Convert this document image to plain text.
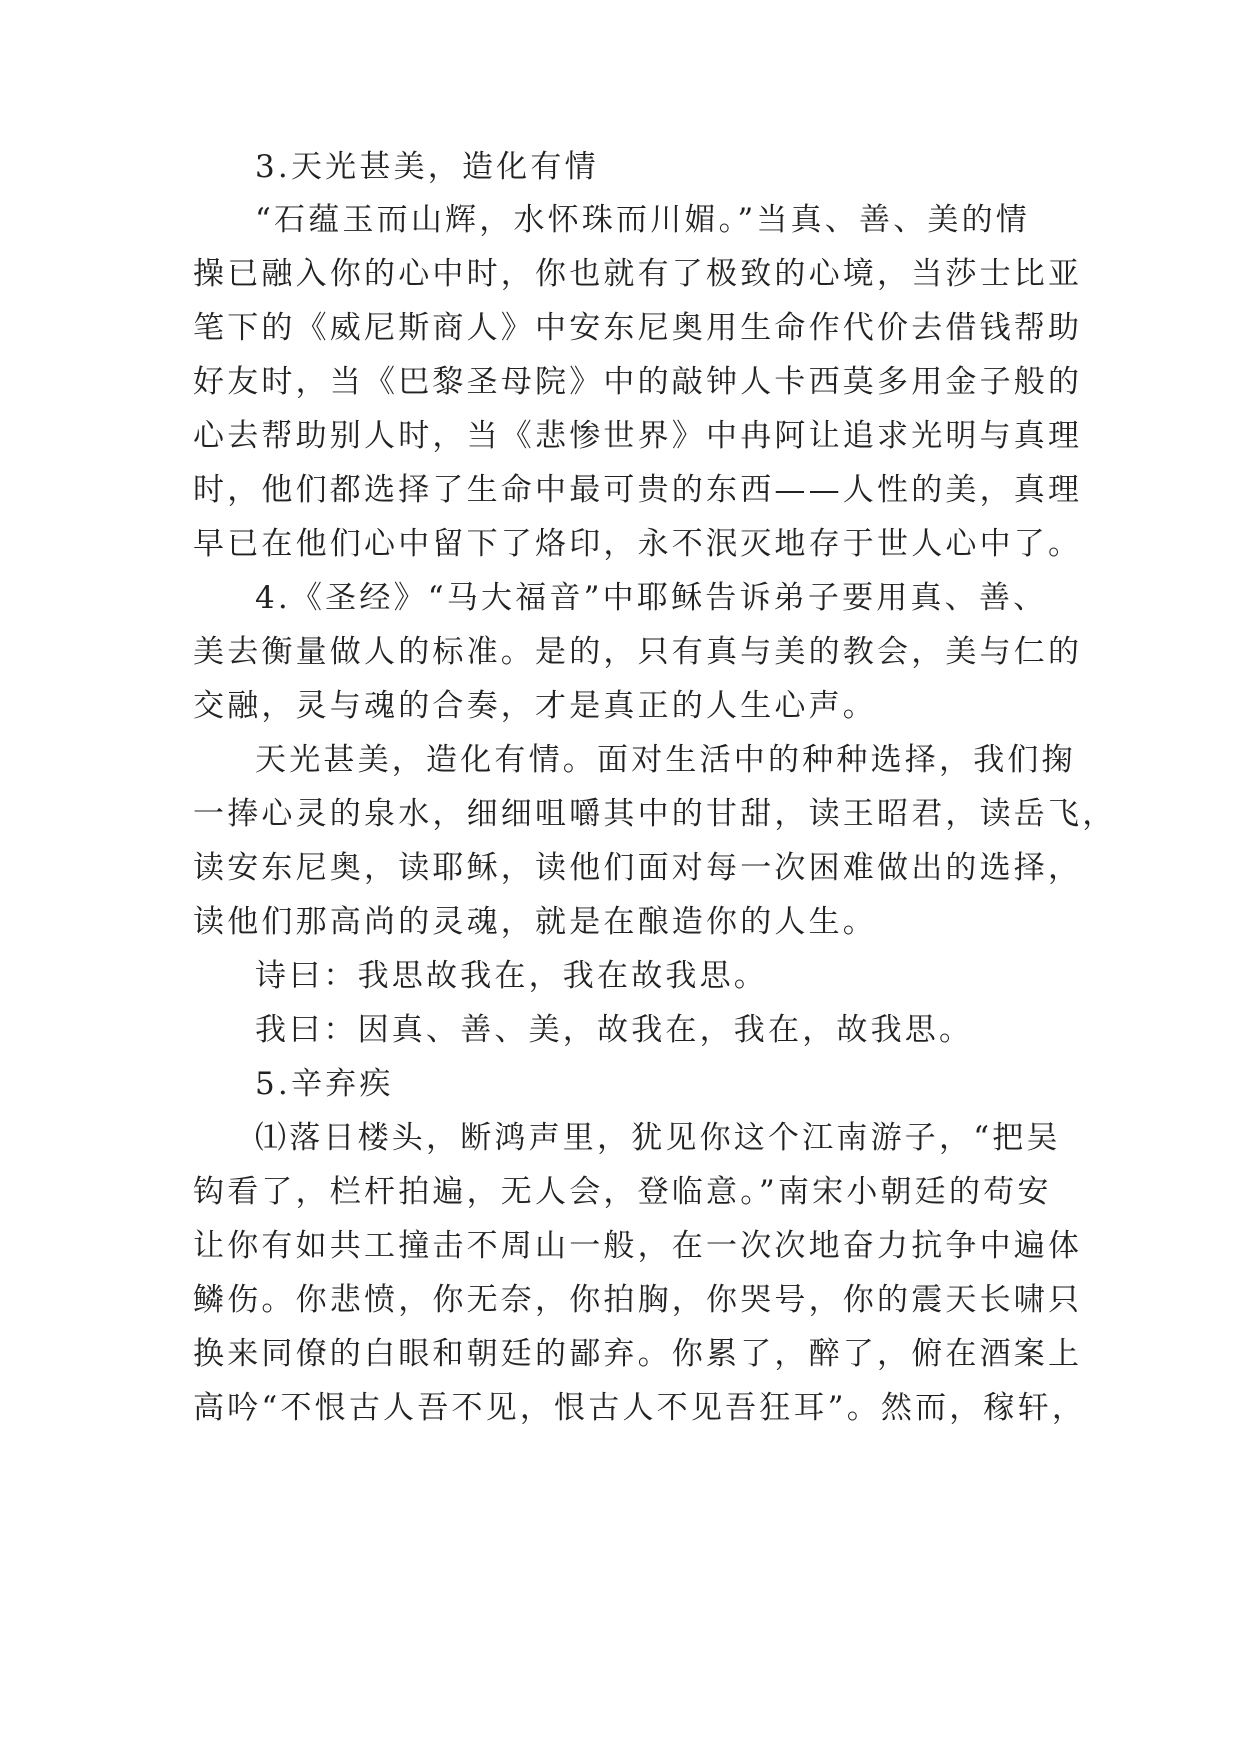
3.天光甚美，造化有情
“石蕴玉而山辉，水怀珠而川媚。”当真、善、美的情
操已融入你的心中时，你也就有了极致的心境，当莎士比亚
笔下的《威尼斯商人》中安东尼奥用生命作代价去借钱帮助
好友时，当《巴黎圣母院》中的敲钟人卡西莫多用金子般的
心去帮助别人时，当《悲惨世界》中冉阿让追求光明与真理
时，他们都选择了生命中最可贵的东西——人性的美，真理
早已在他们心中留下了烙印，永不泯灭地存于世人心中了。
4.《圣经》“马大福音”中耶稣告诉弟子要用真、善、
美去衡量做人的标准。是的，只有真与美的教会，美与仁的
交融，灵与魂的合奏，才是真正的人生心声。
天光甚美，造化有情。面对生活中的种种选择，我们掬
一捧心灵的泉水，细细咀嚼其中的甘甜，读王昭君，读岳飞，
读安东尼奥，读耶稣，读他们面对每一次困难做出的选择，
读他们那高尚的灵魂，就是在酿造你的人生。
诗曰：我思故我在，我在故我思。
我曰：因真、善、美，故我在，我在，故我思。
5.辛弃疾
⑴落日楼头，断鸿声里，犹见你这个江南游子，“把吴
钩看了，栏杆拍遍，无人会，登临意。”南宋小朝廷的苟安
让你有如共工撞击不周山一般，在一次次地奋力抗争中遍体
鳞伤。你悲愤，你无奈，你拍胸，你哭号，你的震天长啸只
换来同僚的白眼和朝廷的鄙弃。你累了，醉了，俯在酒案上
高吟“不恨古人吾不见，恨古人不见吾狂耳”。然而，稼轩，
